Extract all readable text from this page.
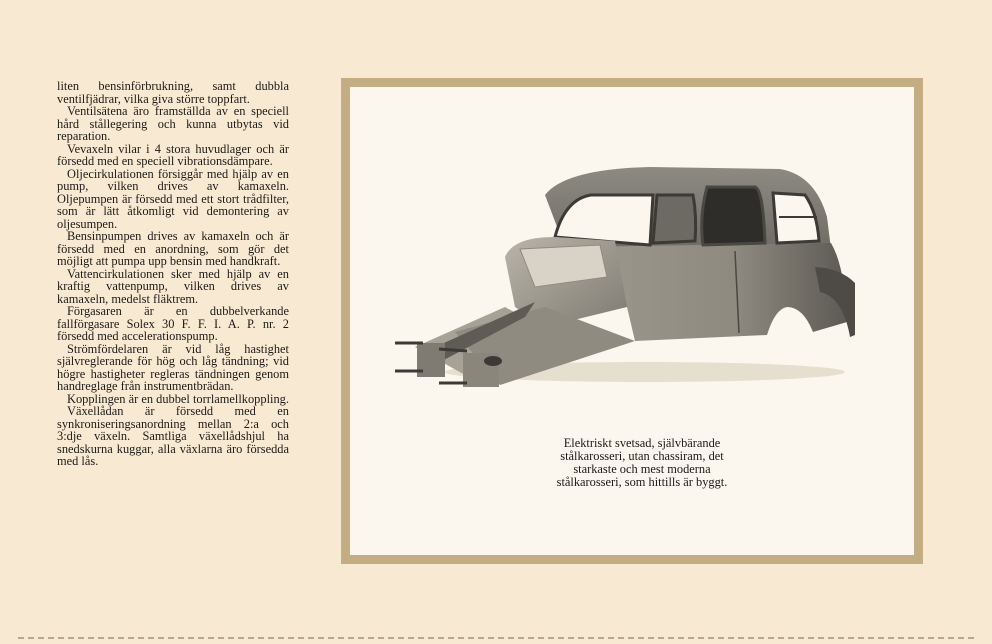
liten bensinförbrukning, samt dubbla ventilfjädrar, vilka giva större toppfart.

Ventilsätena äro framställda av en speciell hård stållegering och kunna utbytas vid reparation.

Vevaxeln vilar i 4 stora huvudlager och är försedd med en speciell vibrationsdämpare.

Oljecirkulationen försiggår med hjälp av en pump, vilken drives av kamaxeln. Oljepumpen är försedd med ett stort trådfilter, som är lätt åtkomligt vid demontering av oljesumpen.

Bensinpumpen drives av kamaxeln och är försedd med en anordning, som gör det möjligt att pumpa upp bensin med handkraft.

Vattencirkulationen sker med hjälp av en kraftig vattenpump, vilken drives av kamaxeln, medelst fläktrem.

Förgasaren är en dubbelverkande fallförgasare Solex 30 F. F. I. A. P. nr. 2 försedd med accelerationspump.

Strömfördelaren är vid låg hastighet självreglerande för hög och låg tändning; vid högre hastigheter regleras tändningen genom handreglage från instrumentbrädan.

Kopplingen är en dubbel torrlamellkoppling.

Växellådan är försedd med en synkroniseringsanordning mellan 2:a och 3:dje växeln. Samtliga växellådshjul ha snedskurna kuggar, alla växlarna äro försedda med lås.

Elektriskt svetsad, självbärande stålkarosseri, utan chassiram, det starkaste och mest moderna stålkarosseri, som hittills är byggt.
